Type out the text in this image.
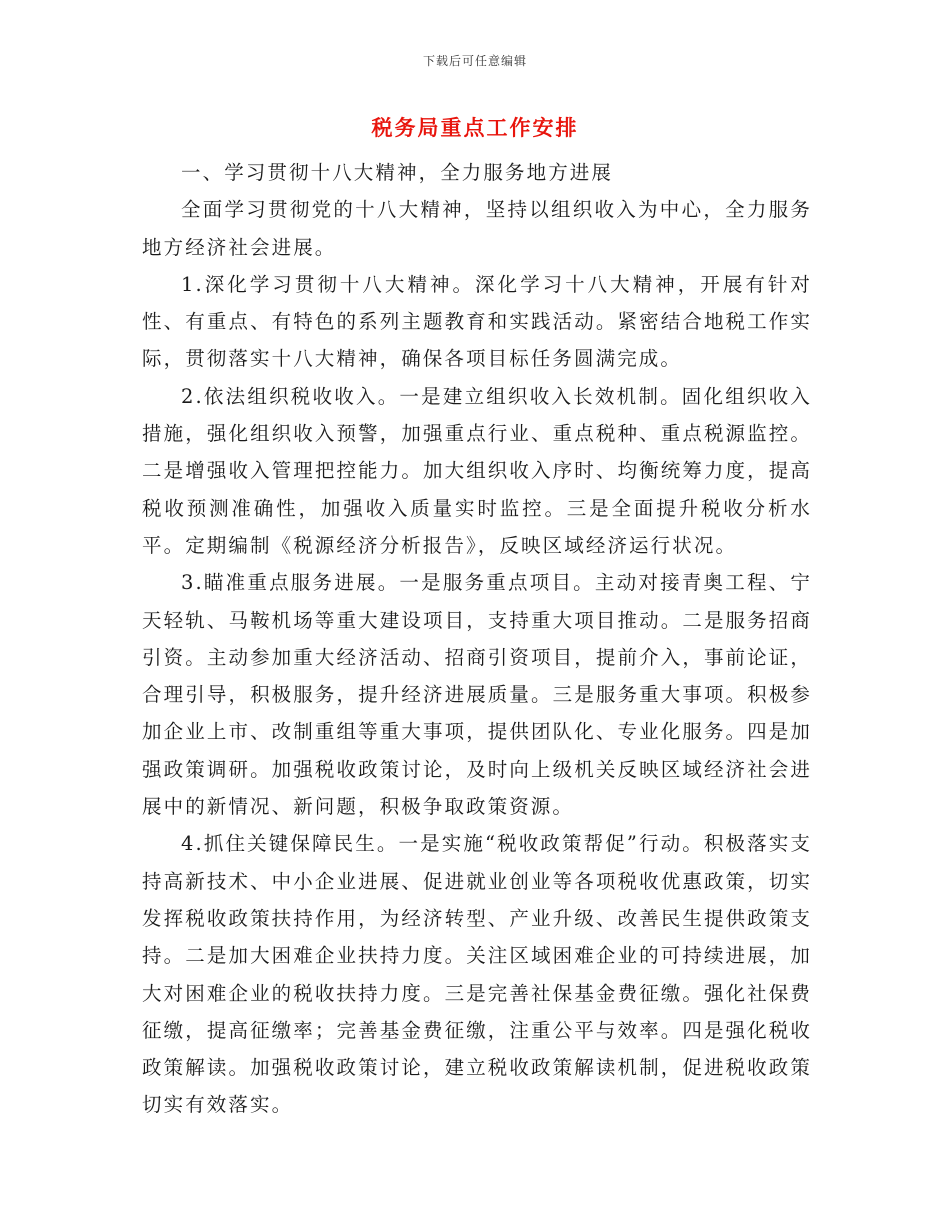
下载后可任意编辑
税务局重点工作安排

一、学习贯彻十八大精神，全力服务地方进展

全面学习贯彻党的十八大精神，坚持以组织收入为中心，全力服务地方经济社会进展。

1.深化学习贯彻十八大精神。深化学习十八大精神，开展有针对性、有重点、有特色的系列主题教育和实践活动。紧密结合地税工作实际，贯彻落实十八大精神，确保各项目标任务圆满完成。

2.依法组织税收收入。一是建立组织收入长效机制。固化组织收入措施，强化组织收入预警，加强重点行业、重点税种、重点税源监控。二是增强收入管理把控能力。加大组织收入序时、均衡统筹力度，提高税收预测准确性，加强收入质量实时监控。三是全面提升税收分析水平。定期编制《税源经济分析报告》，反映区域经济运行状况。

3.瞄准重点服务进展。一是服务重点项目。主动对接青奥工程、宁天轻轨、马鞍机场等重大建设项目，支持重大项目推动。二是服务招商引资。主动参加重大经济活动、招商引资项目，提前介入，事前论证，合理引导，积极服务，提升经济进展质量。三是服务重大事项。积极参加企业上市、改制重组等重大事项，提供团队化、专业化服务。四是加强政策调研。加强税收政策讨论，及时向上级机关反映区域经济社会进展中的新情况、新问题，积极争取政策资源。

4.抓住关键保障民生。一是实施“税收政策帮促”行动。积极落实支持高新技术、中小企业进展、促进就业创业等各项税收优惠政策，切实发挥税收政策扶持作用，为经济转型、产业升级、改善民生提供政策支持。二是加大困难企业扶持力度。关注区域困难企业的可持续进展，加大对困难企业的税收扶持力度。三是完善社保基金费征缴。强化社保费征缴，提高征缴率；完善基金费征缴，注重公平与效率。四是强化税收政策解读。加强税收政策讨论，建立税收政策解读机制，促进税收政策切实有效落实。
